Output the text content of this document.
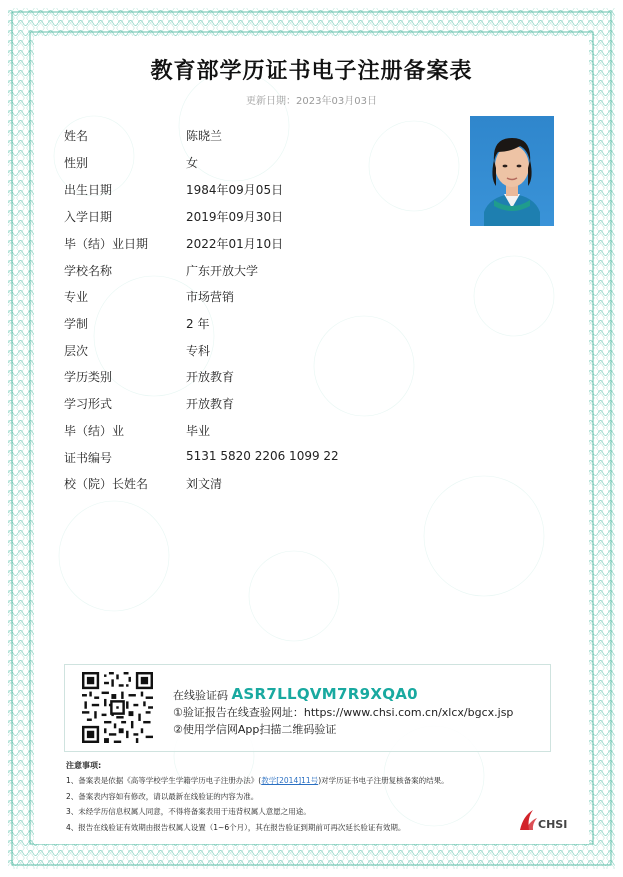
教育部学历证书电子注册备案表
更新日期：2023年03月03日
姓名	陈晓兰
性别	女
出生日期	1984年09月05日
入学日期	2019年09月30日
毕（结）业日期	2022年01月10日
学校名称	广东开放大学
专业	市场营销
学制	2 年
层次	专科
学历类别	开放教育
学习形式	开放教育
毕（结）业	毕业
证书编号	5131 5820 2206 1099 22
校（院）长姓名	刘文清
在线验证码 ASR7LLQVM7R9XQA0
①验证报告在线查验网址：https://www.chsi.com.cn/xlcx/bgcx.jsp
②使用学信网App扫描二维码验证
注意事项:
1、备案表是依据《高等学校学生学籍学历电子注册办法》(教学[2014]11号)对学历证书电子注册复核备案的结果。
2、备案表内容如有修改，请以最新在线验证的内容为准。
3、未经学历信息权属人同意，不得将备案表用于违背权属人意愿之用途。
4、报告在线验证有效期由报告权属人设置（1~6个月），其在报告验证到期前可再次延长验证有效期。	CHSI
